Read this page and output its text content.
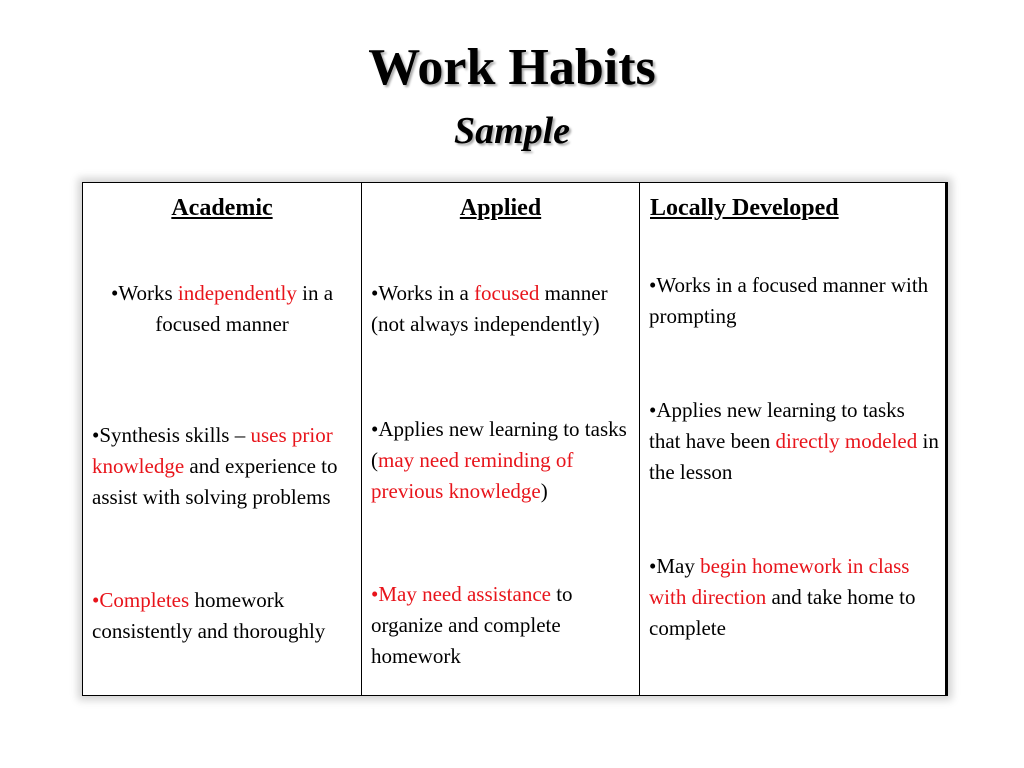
Work Habits
Sample
Academic
•Works independently in a focused manner
•Synthesis skills – uses prior knowledge and experience to assist with solving problems
•Completes homework consistently and thoroughly
Applied
•Works in a focused manner (not always independently)
•Applies new learning to tasks (may need reminding of previous knowledge)
•May need assistance to organize and complete homework
Locally Developed
•Works in a focused manner with prompting
•Applies new learning to tasks that have been directly modeled in the lesson
•May begin homework in class with direction and take home to complete
